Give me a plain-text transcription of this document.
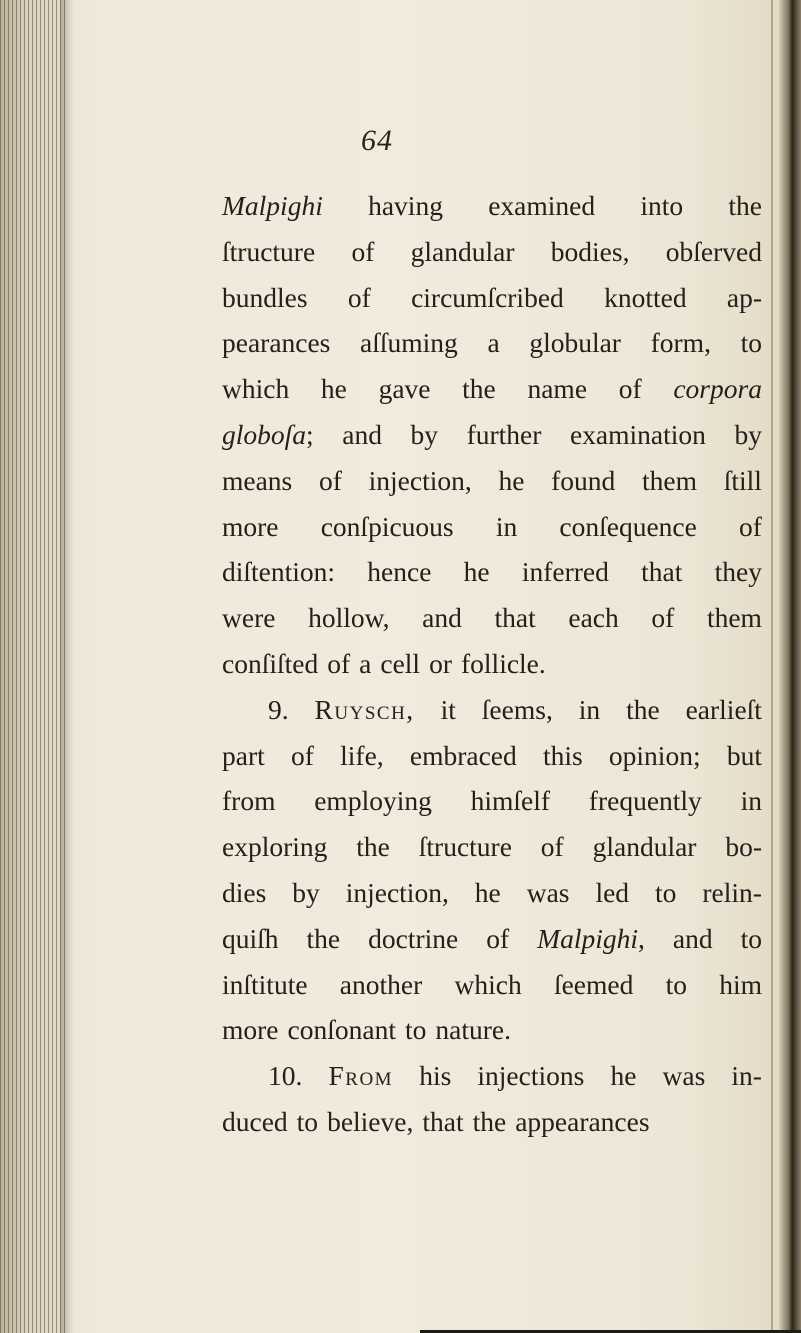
64
Malpighi having examined into the
ſtructure of glandular bodies, obſerved
bundles of circumſcribed knotted ap-
pearances aſſuming a globular form, to
which he gave the name of corpora
globoſa; and by further examination by
means of injection, he found them ſtill
more conſpicuous in conſequence of
diſtention: hence he inferred that they
were hollow, and that each of them
conſiſted of a cell or follicle.
9. Ruysch, it ſeems, in the earlieſt
part of life, embraced this opinion; but
from employing himſelf frequently in
exploring the ſtructure of glandular bo-
dies by injection, he was led to relin-
quiſh the doctrine of Malpighi, and to
inſtitute another which ſeemed to him
more conſonant to nature.
10. From his injections he was in-
duced to believe, that the appearances
